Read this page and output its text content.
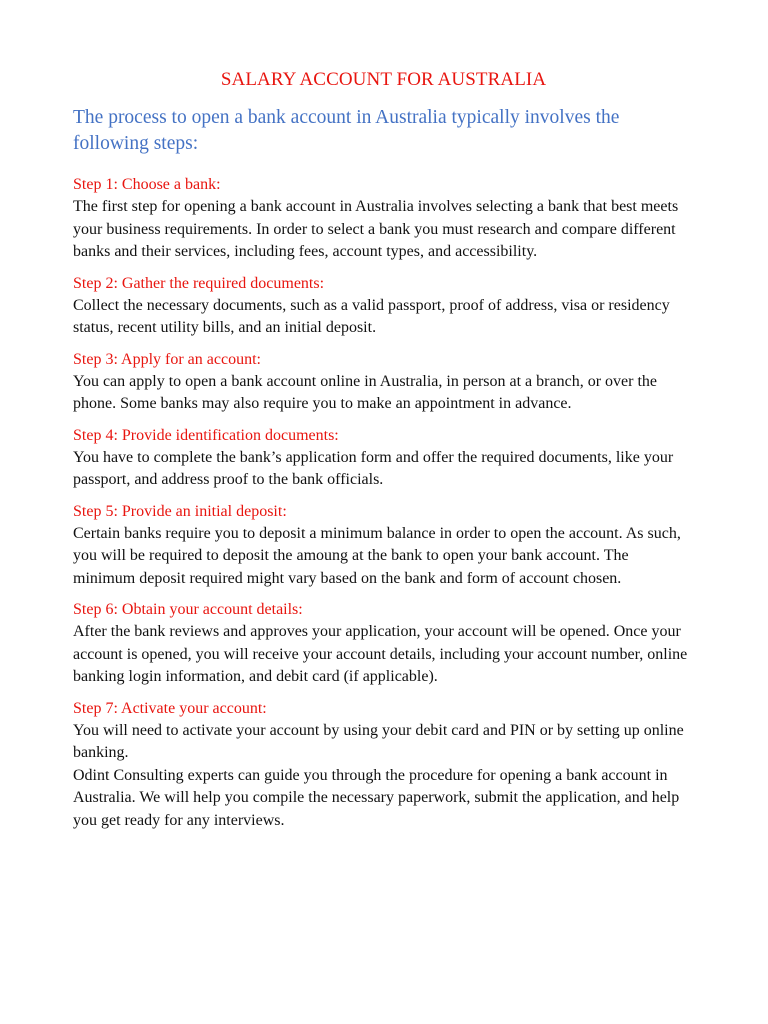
SALARY ACCOUNT FOR AUSTRALIA

The process to open a bank account in Australia typically involves the following steps:

Step 1: Choose a bank:

The first step for opening a bank account in Australia involves selecting a bank that best meets your business requirements. In order to select a bank you must research and compare different banks and their services, including fees, account types, and accessibility.

Step 2: Gather the required documents:

Collect the necessary documents, such as a valid passport, proof of address, visa or residency status, recent utility bills, and an initial deposit.

Step 3: Apply for an account:

You can apply to open a bank account online in Australia, in person at a branch, or over the phone. Some banks may also require you to make an appointment in advance.

Step 4: Provide identification documents:

You have to complete the bank’s application form and offer the required documents, like your passport, and address proof to the bank officials.

Step 5: Provide an initial deposit:

Certain banks require you to deposit a minimum balance in order to open the account. As such, you will be required to deposit the amoung at the bank to open your bank account. The minimum deposit required might vary based on the bank and form of account chosen.

Step 6: Obtain your account details:

After the bank reviews and approves your application, your account will be opened. Once your account is opened, you will receive your account details, including your account number, online banking login information, and debit card (if applicable).

Step 7: Activate your account:

You will need to activate your account by using your debit card and PIN or by setting up online banking.

Odint Consulting experts can guide you through the procedure for opening a bank account in Australia. We will help you compile the necessary paperwork, submit the application, and help you get ready for any interviews.
